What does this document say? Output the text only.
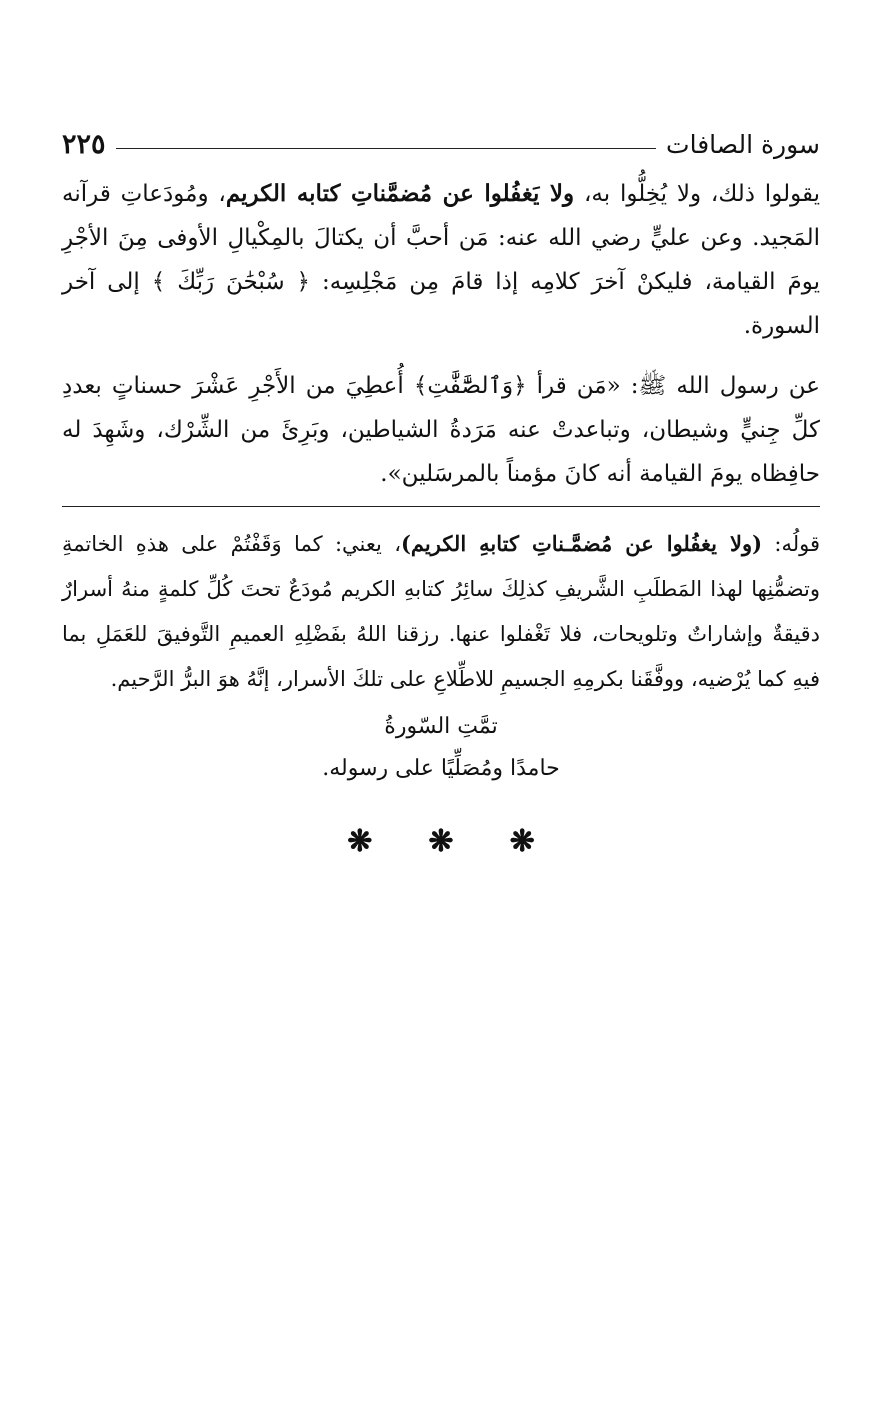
سورة الصافات
٢٢٥

يقولوا ذلك، ولا يُخِلُّوا به، ولا يَغفُلوا عن مُضمَّناتِ كتابه الكريم، ومُودَعاتِ قرآنه المَجيد. وعن عليٍّ رضي الله عنه: مَن أحبَّ أن يكتالَ بالمِكْيالِ الأوفى مِنَ الأجْرِ يومَ القيامة، فليكنْ آخرَ كلامِه إذا قامَ مِن مَجْلِسِه: ﴿ سُبْحَٰنَ رَبِّكَ ﴾ إلى آخر السورة.

عن رسول الله ﷺ: «مَن قرأ ﴿وَٱلصَّٰٓفَّٰتِ﴾ أُعطِيَ من الأَجْرِ عَشْرَ حسناتٍ بعددِ كلِّ جِنيٍّ وشيطان، وتباعدتْ عنه مَرَدةُ الشياطين، وبَرِئَ من الشِّرْك، وشَهِدَ له حافِظاه يومَ القيامة أنه كانَ مؤمناً بالمرسَلين».

قولُه: (ولا يغفُلوا عن مُضمَّـناتِ كتابهِ الكريم)، يعني: كما وَقَفْتُمْ على هذهِ الخاتمةِ وتضمُّنِها لهذا المَطلَبِ الشَّريفِ كذلِكَ سائِرُ كتابهِ الكريم مُودَعٌ تحتَ كُلِّ كلمةٍ منهُ أسرارٌ دقيقةٌ وإشاراتٌ وتلويحات، فلا تَغْفلوا عنها. رزقنا اللهُ بفَضْلِهِ العميمِ التَّوفيقَ للعَمَلِ بما فيهِ كما يُرْضيه، ووفَّقَنا بكرمِهِ الجسيمِ للاطِّلاعِ على تلكَ الأسرار، إنَّهُ هوَ البرُّ الرَّحيم.

تمَّتِ السّورةُ
حامدًا ومُصَلِّيًا على رسوله.
❋ ❋ ❋
